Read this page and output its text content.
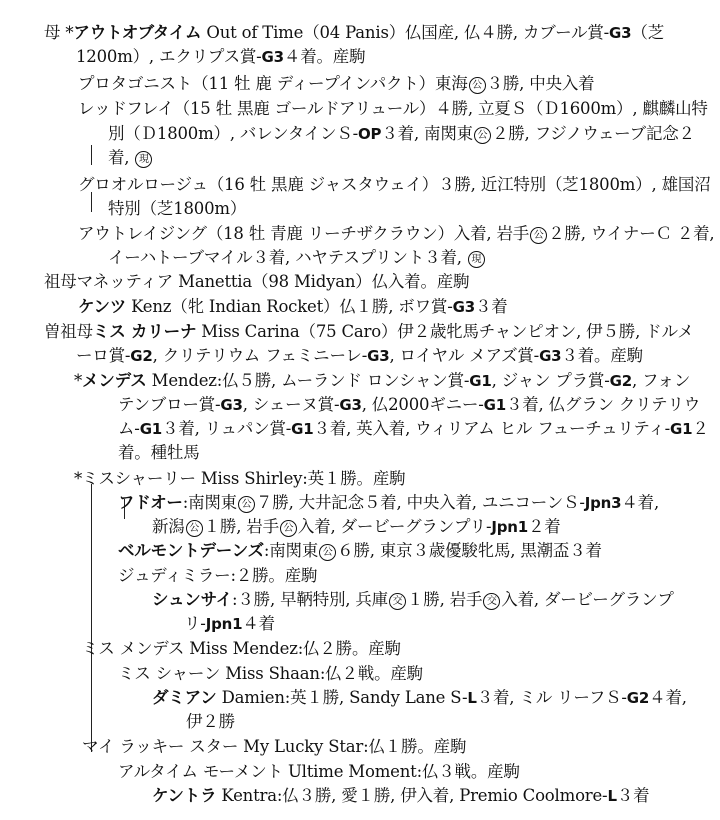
母 *アウトオブタイム Out of Time（04 Panis）仏国産, 仏４勝, カブール賞-G3（芝
1200m）, エクリプス賞-G3４着。産駒
プロタゴニスト（11 牡 鹿 ディープインパクト）東海 公 ３勝, 中央入着
レッドフレイ（15 牡 黒鹿 ゴールドアリュール）４勝, 立夏Ｓ（Ｄ1600m）, 麒麟山特
別（Ｄ1800m）, バレンタインＳ-OP３着, 南関東 公 ２勝, フジノウェーブ記念２
着, 現
グロオルロージュ（16 牡 黒鹿 ジャスタウェイ）３勝, 近江特別（芝1800m）, 雄国沼
特別（芝1800m）
アウトレイジング（18 牡 青鹿 リーチザクラウン）入着, 岩手 公 ２勝, ウイナーＣ ２着,
イーハトーブマイル３着, ハヤテスプリント３着, 現
祖母マネッティア Manettia（98 Midyan）仏入着。産駒
ケンツ Kenz（牝 Indian Rocket）仏１勝, ボワ賞-G3３着
曽祖母ミス カリーナ Miss Carina（75 Caro）伊２歳牝馬チャンピオン, 伊５勝, ドルメ
ーロ賞-G2, クリテリウム フェミニーレ-G3, ロイヤル メアズ賞-G3３着。産駒
*メンデス Mendez:仏５勝, ムーランド ロンシャン賞-G1, ジャン プラ賞-G2, フォン
テンブロー賞-G3, シェーヌ賞-G3, 仏2000ギニー-G1３着, 仏グラン クリテリウ
ム-G1３着, リュパン賞-G1３着, 英入着, ウィリアム ヒル フューチュリティ-G1２
着。種牡馬
*ミスシャーリー Miss Shirley:英１勝。産駒
フドオー:南関東 公 ７勝, 大井記念５着, 中央入着, ユニコーンＳ-Jpn3４着,
新潟 公 １勝, 岩手 公 入着, ダービーグランプリ-Jpn1２着
ベルモントデーンズ:南関東 公 ６勝, 東京３歳優駿牝馬, 黒潮盃３着
ジュディミラー:２勝。産駒
シュンサイ:３勝, 早鞆特別, 兵庫 交 １勝, 岩手 交 入着, ダービーグランプ
リ-Jpn1４着
ミス メンデス Miss Mendez:仏２勝。産駒
ミス シャーン Miss Shaan:仏２戦。産駒
ダミアン Damien:英１勝, Sandy Lane S-L３着, ミル リーフＳ-G2４着,
伊２勝
マイ ラッキー スター My Lucky Star:仏１勝。産駒
アルタイム モーメント Ultime Moment:仏３戦。産駒
ケントラ Kentra:仏３勝, 愛１勝, 伊入着, Premio Coolmore-L３着
